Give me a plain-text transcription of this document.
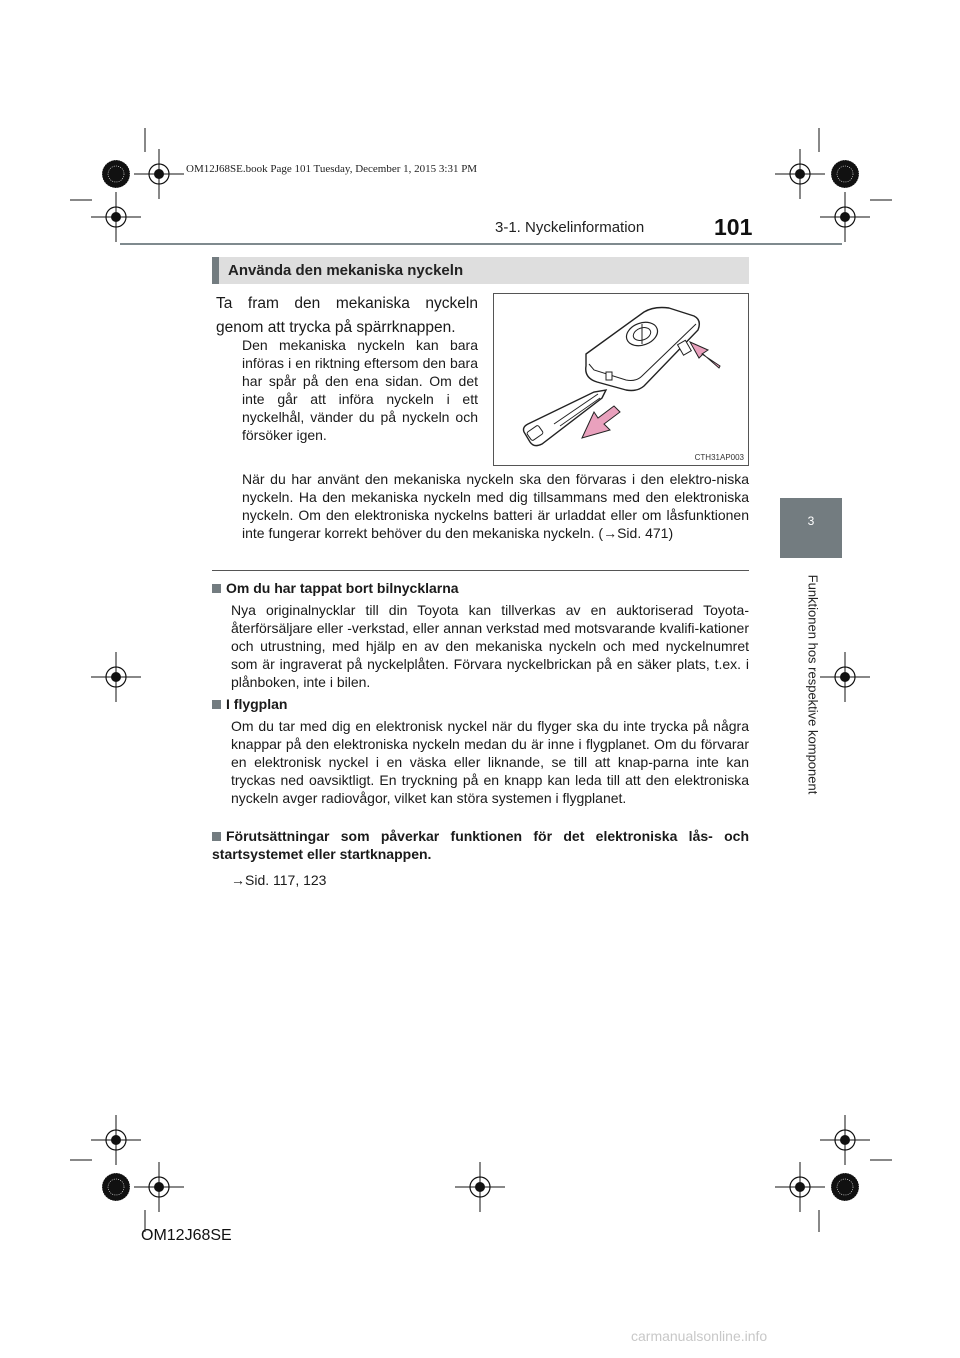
OM12J68SE.book Page 101 Tuesday, December 1, 2015 3:31 PM
3-1. Nyckelinformation	101
3
Funktionen hos respektive komponent
Använda den mekaniska nyckeln
Ta fram den mekaniska nyckeln genom att trycka på spärrknappen.
Den mekaniska nyckeln kan bara införas i en riktning eftersom den bara har spår på den ena sidan. Om det inte går att införa nyckeln i ett nyckelhål, vänder du på nyckeln och försöker igen.
CTH31AP003
När du har använt den mekaniska nyckeln ska den förvaras i den elektro-niska nyckeln. Ha den mekaniska nyckeln med dig tillsammans med den elektroniska nyckeln. Om den elektroniska nyckelns batteri är urladdat eller om låsfunktionen inte fungerar korrekt behöver du den mekaniska nyckeln. (→Sid. 471)
Om du har tappat bort bilnycklarna
Nya originalnycklar till din Toyota kan tillverkas av en auktoriserad Toyota-återförsäljare eller -verkstad, eller annan verkstad med motsvarande kvalifi-kationer och utrustning, med hjälp en av den mekaniska nyckeln och med nyckelnumret som är ingraverat på nyckelplåten. Förvara nyckelbrickan på en säker plats, t.ex. i plånboken, inte i bilen.
I flygplan
Om du tar med dig en elektronisk nyckel när du flyger ska du inte trycka på några knappar på den elektroniska nyckeln medan du är inne i flygplanet. Om du förvarar en elektronisk nyckel i en väska eller liknande, se till att knap-parna inte kan tryckas ned oavsiktligt. En tryckning på en knapp kan leda till att den elektroniska nyckeln avger radiovågor, vilket kan störa systemen i flygplanet.
Förutsättningar som påverkar funktionen för det elektroniska lås- och startsystemet eller startknappen.
→Sid. 117, 123
OM12J68SE
carmanualsonline.info
